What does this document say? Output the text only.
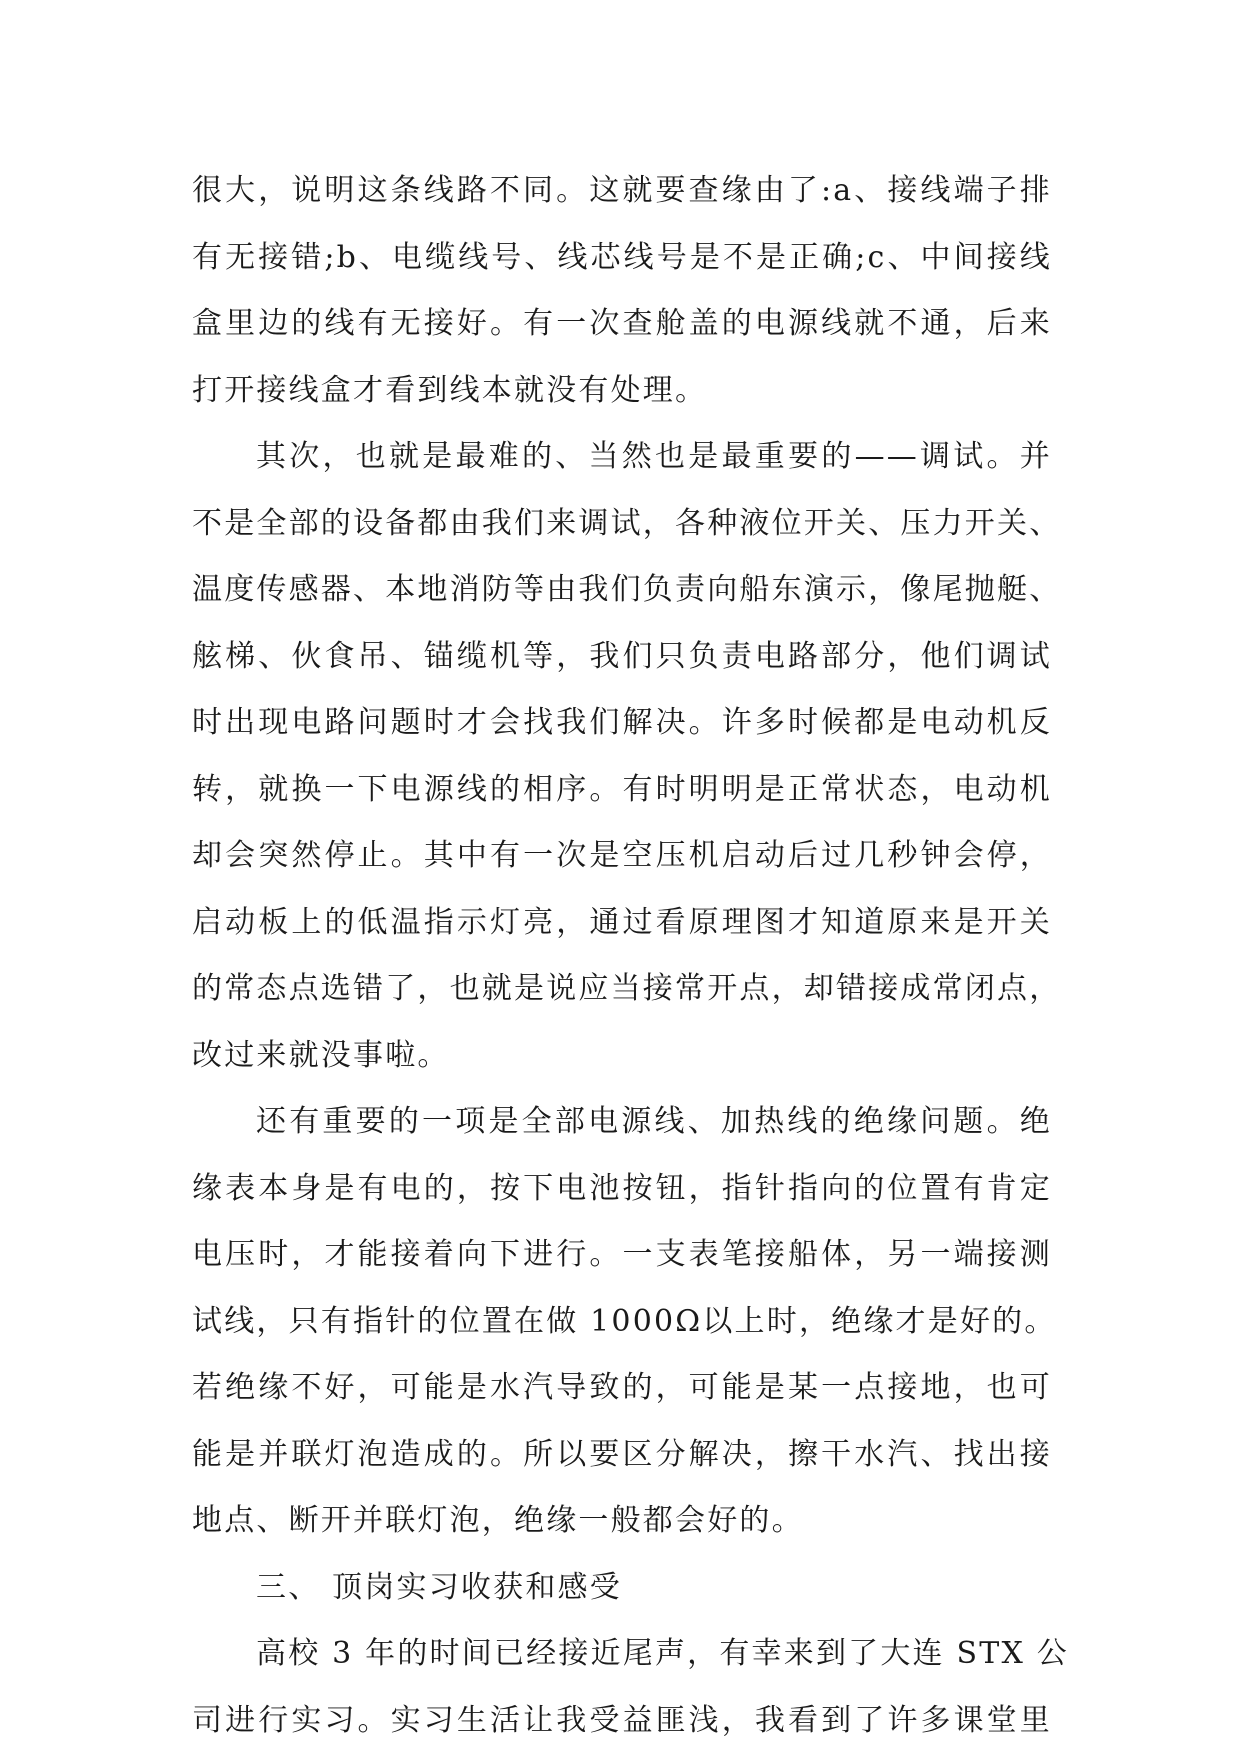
很大，说明这条线路不同。这就要查缘由了:a、接线端子排
有无接错;b、电缆线号、线芯线号是不是正确;c、中间接线
盒里边的线有无接好。有一次查舱盖的电源线就不通，后来
打开接线盒才看到线本就没有处理。
其次，也就是最难的、当然也是最重要的——调试。并
不是全部的设备都由我们来调试，各种液位开关、压力开关、
温度传感器、本地消防等由我们负责向船东演示，像尾抛艇、
舷梯、伙食吊、锚缆机等，我们只负责电路部分，他们调试
时出现电路问题时才会找我们解决。许多时候都是电动机反
转，就换一下电源线的相序。有时明明是正常状态，电动机
却会突然停止。其中有一次是空压机启动后过几秒钟会停，
启动板上的低温指示灯亮，通过看原理图才知道原来是开关
的常态点选错了，也就是说应当接常开点，却错接成常闭点，
改过来就没事啦。
还有重要的一项是全部电源线、加热线的绝缘问题。绝
缘表本身是有电的，按下电池按钮，指针指向的位置有肯定
电压时，才能接着向下进行。一支表笔接船体，另一端接测
试线，只有指针的位置在做 1000Ω以上时，绝缘才是好的。
若绝缘不好，可能是水汽导致的，可能是某一点接地，也可
能是并联灯泡造成的。所以要区分解决，擦干水汽、找出接
地点、断开并联灯泡，绝缘一般都会好的。
三、 顶岗实习收获和感受
高校 3 年的时间已经接近尾声，有幸来到了大连 STX 公
司进行实习。实习生活让我受益匪浅，我看到了许多课堂里
